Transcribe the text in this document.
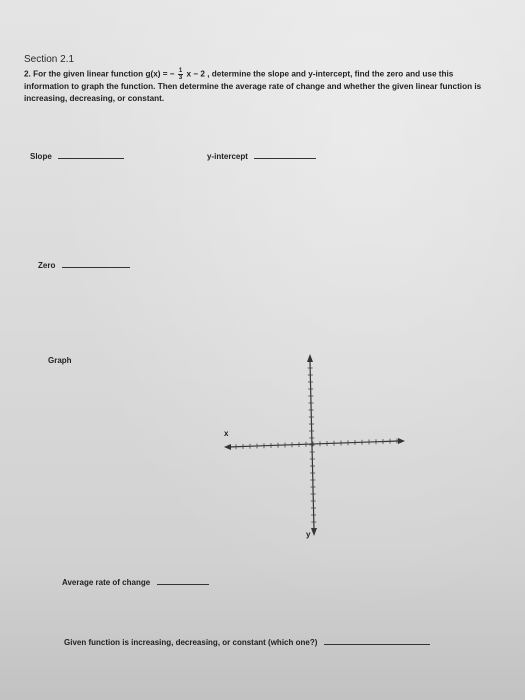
Section 2.1
2. For the given linear function g(x) = − $\frac{1}{3}$ x − 2 , determine the slope and y-intercept, find the zero and use this information to graph the function. Then determine the average rate of change and whether the given linear function is increasing, decreasing, or constant.
Slope	y-intercept
Zero
Graph
x
y
Average rate of change
Given function is increasing, decreasing, or constant (which one?)
